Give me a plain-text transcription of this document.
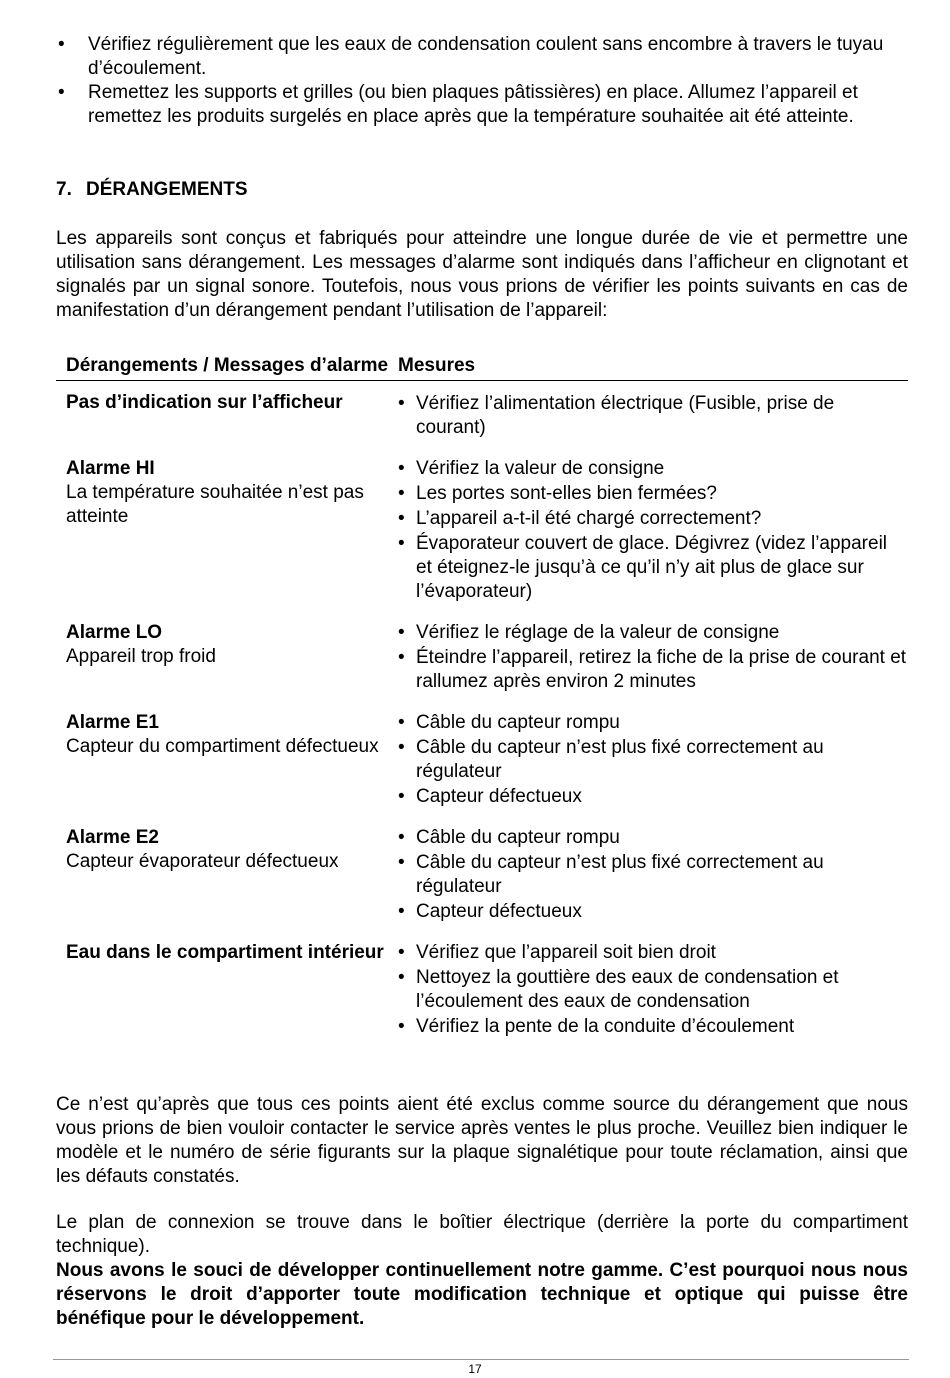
• Vérifiez régulièrement que les eaux de condensation coulent sans encombre à travers le tuyau d’écoulement.
• Remettez les supports et grilles (ou bien plaques pâtissières) en place. Allumez l’appareil et remettez les produits surgelés en place après que la température souhaitée ait été atteinte.
7. DÉRANGEMENTS

Les appareils sont conçus et fabriqués pour atteindre une longue durée de vie et permettre une utilisation sans dérangement. Les messages d’alarme sont indiqués dans l’afficheur en clignotant et signalés par un signal sonore. Toutefois, nous vous prions de vérifier les points suivants en cas de manifestation d’un dérangement pendant l’utilisation de l’appareil:

Dérangements / Messages d’alarme Mesures
Pas d’indication sur l’afficheur	• Vérifiez l’alimentation électrique (Fusible, prise de courant)
Alarme HI
La température souhaitée n’est pas atteinte
• Vérifiez la valeur de consigne
• Les portes sont-elles bien fermées?
• L’appareil a-t-il été chargé correctement?
• Évaporateur couvert de glace. Dégivrez (videz l’appareil et éteignez-le jusqu’à ce qu’il n’y ait plus de glace sur l’évaporateur)
Alarme LO
Appareil trop froid
• Vérifiez le réglage de la valeur de consigne
• Éteindre l’appareil, retirez la fiche de la prise de courant et rallumez après environ 2 minutes
Alarme E1
Capteur du compartiment défectueux
• Câble du capteur rompu
• Câble du capteur n’est plus fixé correctement au régulateur
• Capteur défectueux
Alarme E2
Capteur évaporateur défectueux
• Câble du capteur rompu
• Câble du capteur n’est plus fixé correctement au régulateur
• Capteur défectueux
Eau dans le compartiment intérieur	• Vérifiez que l’appareil soit bien droit
• Nettoyez la gouttière des eaux de condensation et l’écoulement des eaux de condensation
• Vérifiez la pente de la conduite d’écoulement

Ce n’est qu’après que tous ces points aient été exclus comme source du dérangement que nous vous prions de bien vouloir contacter le service après ventes le plus proche. Veuillez bien indiquer le modèle et le numéro de série figurants sur la plaque signalétique pour toute réclamation, ainsi que les défauts constatés.

Le plan de connexion se trouve dans le boîtier électrique (derrière la porte du compartiment technique).

Nous avons le souci de développer continuellement notre gamme. C’est pourquoi nous nous réservons le droit d’apporter toute modification technique et optique qui puisse être bénéfique pour le développement.

17
